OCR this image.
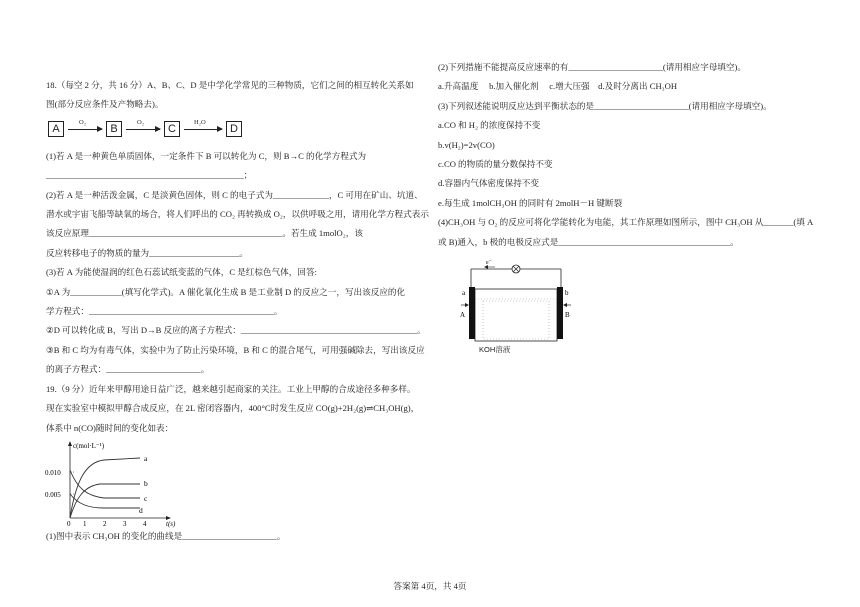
18.（每空 2 分，共 16 分）A、B、C、D 是中学化学常见的三种物质，它们之间的相互转化关系如
图(部分反应条件及产物略去)。
A
O₂
B
O₂
C
H₂O
D
(1)若 A 是一种黄色单质固体，一定条件下 B 可以转化为 C，则 B→C 的化学方程式为
______________________________________________；
(2)若 A 是一种活泼金属，C 是淡黄色固体，则 C 的电子式为_____________，C 可用在矿山、坑道、
潜水或宇宙飞船等缺氧的场合，将人们呼出的 CO₂ 再转换成 O₂，以供呼吸之用，请用化学方程式表示
该反应原理_____________________________________________。若生成 1molO₂，该
反应转移电子的物质的量为_____________________。
(3)若 A 为能使湿润的红色石蕊试纸变蓝的气体，C 是红棕色气体，回答:
①A 为____________(填写化学式)。A 催化氧化生成 B 是工业制 D 的反应之一，写出该反应的化
学方程式：___________________________________________。
②D 可以转化成 B，写出 D→B 反应的离子方程式：_________________________________________。
③B 和 C 均为有毒气体，实验中为了防止污染环境，B 和 C 的混合尾气，可用强碱除去，写出该反应
的离子方程式：______________________。
19.（9 分）近年来甲醇用途日益广泛，越来越引起商家的关注。工业上甲醇的合成途径多种多样。
现在实验室中模拟甲醇合成反应，在 2L 密闭容器内，400°C时发生反应 CO(g)+2H₂(g)⇌CH₃OH(g)，
体系中 n(CO)随时间的变化如表：
c(mol·L⁻¹)
t(s)
0.010
0.005
0 1 2 3 4
a
b
c
d
(1)图中表示 CH₃OH 的变化的曲线是______________________。
(2)下列措施不能提高反应速率的有______________________(请用相应字母填空)。
a.升高温度　 b.加入催化剂　 c.增大压强　d.及时分离出 CH₃OH
(3)下列叙述能说明反应达到平衡状态的是______________________(请用相应字母填空)。
a.CO 和 H₂ 的浓度保持不变
b.v(H₂)=2v(CO)
c.CO 的物质的量分数保持不变
d.容器内气体密度保持不变
e.每生成 1molCH₃OH 的同时有 2molH－H 键断裂
(4)CH₃OH 与 O₂ 的反应可将化学能转化为电能，其工作原理如图所示，图中 CH₃OH 从_______(填 A
或 B)通入，b 极的电极反应式是________________________________________。
e⁻
a	b
A	B
KOH溶液
答案第 4页，共 4页
